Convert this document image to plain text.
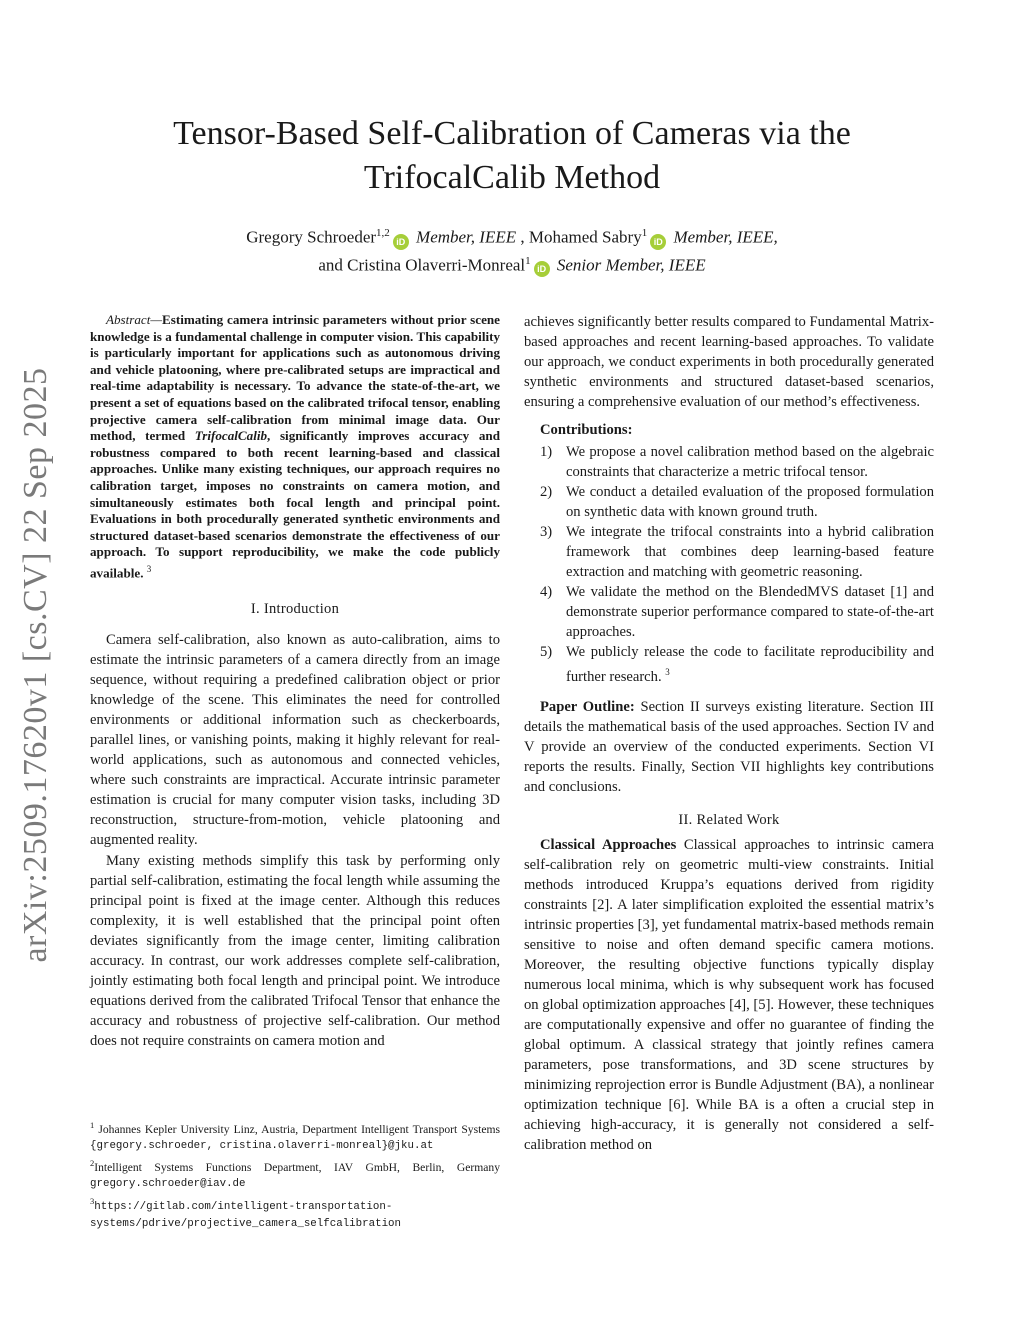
arXiv:2509.17620v1 [cs.CV] 22 Sep 2025
Tensor-Based Self-Calibration of Cameras via the
TrifocalCalib Method
Gregory Schroeder$^{1,2}$iD Member, IEEE , Mohamed Sabry$^1$iD Member, IEEE,
and Cristina Olaverri-Monreal$^1$iD Senior Member, IEEE

Abstract—Estimating camera intrinsic parameters without prior scene knowledge is a fundamental challenge in computer vision. This capability is particularly important for applications such as autonomous driving and vehicle platooning, where pre-calibrated setups are impractical and real-time adaptability is necessary. To advance the state-of-the-art, we present a set of equations based on the calibrated trifocal tensor, enabling projective camera self-calibration from minimal image data. Our method, termed TrifocalCalib, significantly improves accuracy and robustness compared to both recent learning-based and classical approaches. Unlike many existing techniques, our approach requires no calibration target, imposes no constraints on camera motion, and simultaneously estimates both focal length and principal point. Evaluations in both procedurally generated synthetic environments and structured dataset-based scenarios demonstrate the effectiveness of our approach. To support reproducibility, we make the code publicly available. $^3$

I. Introduction

Camera self-calibration, also known as auto-calibration, aims to estimate the intrinsic parameters of a camera directly from an image sequence, without requiring a predefined calibration object or prior knowledge of the scene. This eliminates the need for controlled environments or additional information such as checkerboards, parallel lines, or vanishing points, making it highly relevant for real-world applications, such as autonomous and connected vehicles, where such constraints are impractical. Accurate intrinsic parameter estimation is crucial for many computer vision tasks, including 3D reconstruction, structure-from-motion, vehicle platooning and augmented reality.

Many existing methods simplify this task by performing only partial self-calibration, estimating the focal length while assuming the principal point is fixed at the image center. Although this reduces complexity, it is well established that the principal point often deviates significantly from the image center, limiting calibration accuracy. In contrast, our work addresses complete self-calibration, jointly estimating both focal length and principal point. We introduce equations derived from the calibrated Trifocal Tensor that enhance the accuracy and robustness of projective self-calibration. Our method does not require constraints on camera motion and

achieves significantly better results compared to Fundamental Matrix-based approaches and recent learning-based approaches. To validate our approach, we conduct experiments in both procedurally generated synthetic environments and structured dataset-based scenarios, ensuring a comprehensive evaluation of our method’s effectiveness.

Contributions:
1) We propose a novel calibration method based on the algebraic constraints that characterize a metric trifocal tensor.
2) We conduct a detailed evaluation of the proposed formulation on synthetic data with known ground truth.
3) We integrate the trifocal constraints into a hybrid calibration framework that combines deep learning-based feature extraction and matching with geometric reasoning.
4) We validate the method on the BlendedMVS dataset [1] and demonstrate superior performance compared to state-of-the-art approaches.
5) We publicly release the code to facilitate reproducibility and further research. $^3$

Paper Outline: Section II surveys existing literature. Section III details the mathematical basis of the used approaches. Section IV and V provide an overview of the conducted experiments. Section VI reports the results. Finally, Section VII highlights key contributions and conclusions.

II. Related Work

Classical Approaches Classical approaches to intrinsic camera self-calibration rely on geometric multi-view constraints. Initial methods introduced Kruppa’s equations derived from rigidity constraints [2]. A later simplification exploited the essential matrix’s intrinsic properties [3], yet fundamental matrix-based methods remain sensitive to noise and often demand specific camera motions. Moreover, the resulting objective functions typically display numerous local minima, which is why subsequent work has focused on global optimization approaches [4], [5]. However, these techniques are computationally expensive and offer no guarantee of finding the global optimum. A classical strategy that jointly refines camera parameters, pose transformations, and 3D scene structures by minimizing reprojection error is Bundle Adjustment (BA), a nonlinear optimization technique [6]. While BA is a often a crucial step in achieving high-accuracy, it is generally not considered a self-calibration method on

$^1$ Johannes Kepler University Linz, Austria, Department Intelligent Transport Systems {gregory.schroeder, cristina.olaverri-monreal}@jku.at

$^2$Intelligent Systems Functions Department, IAV GmbH, Berlin, Germany gregory.schroeder@iav.de

$^3$https://gitlab.com/intelligent-transportation-systems/pdrive/projective_camera_selfcalibration
